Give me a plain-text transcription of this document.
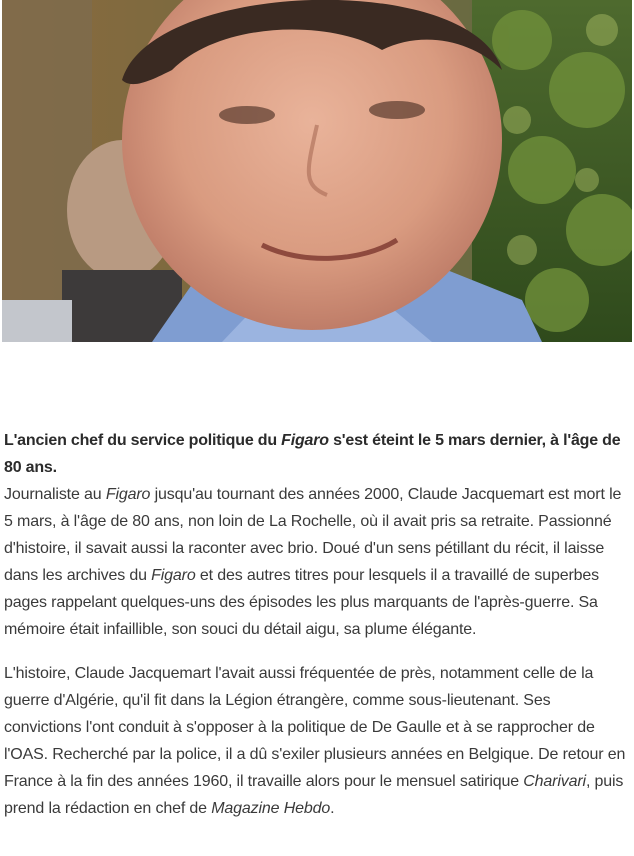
L'ancien chef du service politique du Figaro s'est éteint le 5 mars dernier, à l'âge de 80 ans.

Journaliste au Figaro jusqu'au tournant des années 2000, Claude Jacquemart est mort le 5 mars, à l'âge de 80 ans, non loin de La Rochelle, où il avait pris sa retraite. Passionné d'histoire, il savait aussi la raconter avec brio. Doué d'un sens pétillant du récit, il laisse dans les archives du Figaro et des autres titres pour lesquels il a travaillé de superbes pages rappelant quelques-uns des épisodes les plus marquants de l'après-guerre. Sa mémoire était infaillible, son souci du détail aigu, sa plume élégante.

L'histoire, Claude Jacquemart l'avait aussi fréquentée de près, notamment celle de la guerre d'Algérie, qu'il fit dans la Légion étrangère, comme sous-lieutenant. Ses convictions l'ont conduit à s'opposer à la politique de De Gaulle et à se rapprocher de l'OAS. Recherché par la police, il a dû s'exiler plusieurs années en Belgique. De retour en France à la fin des années 1960, il travaille alors pour le mensuel satirique Charivari, puis prend la rédaction en chef de Magazine Hebdo.
